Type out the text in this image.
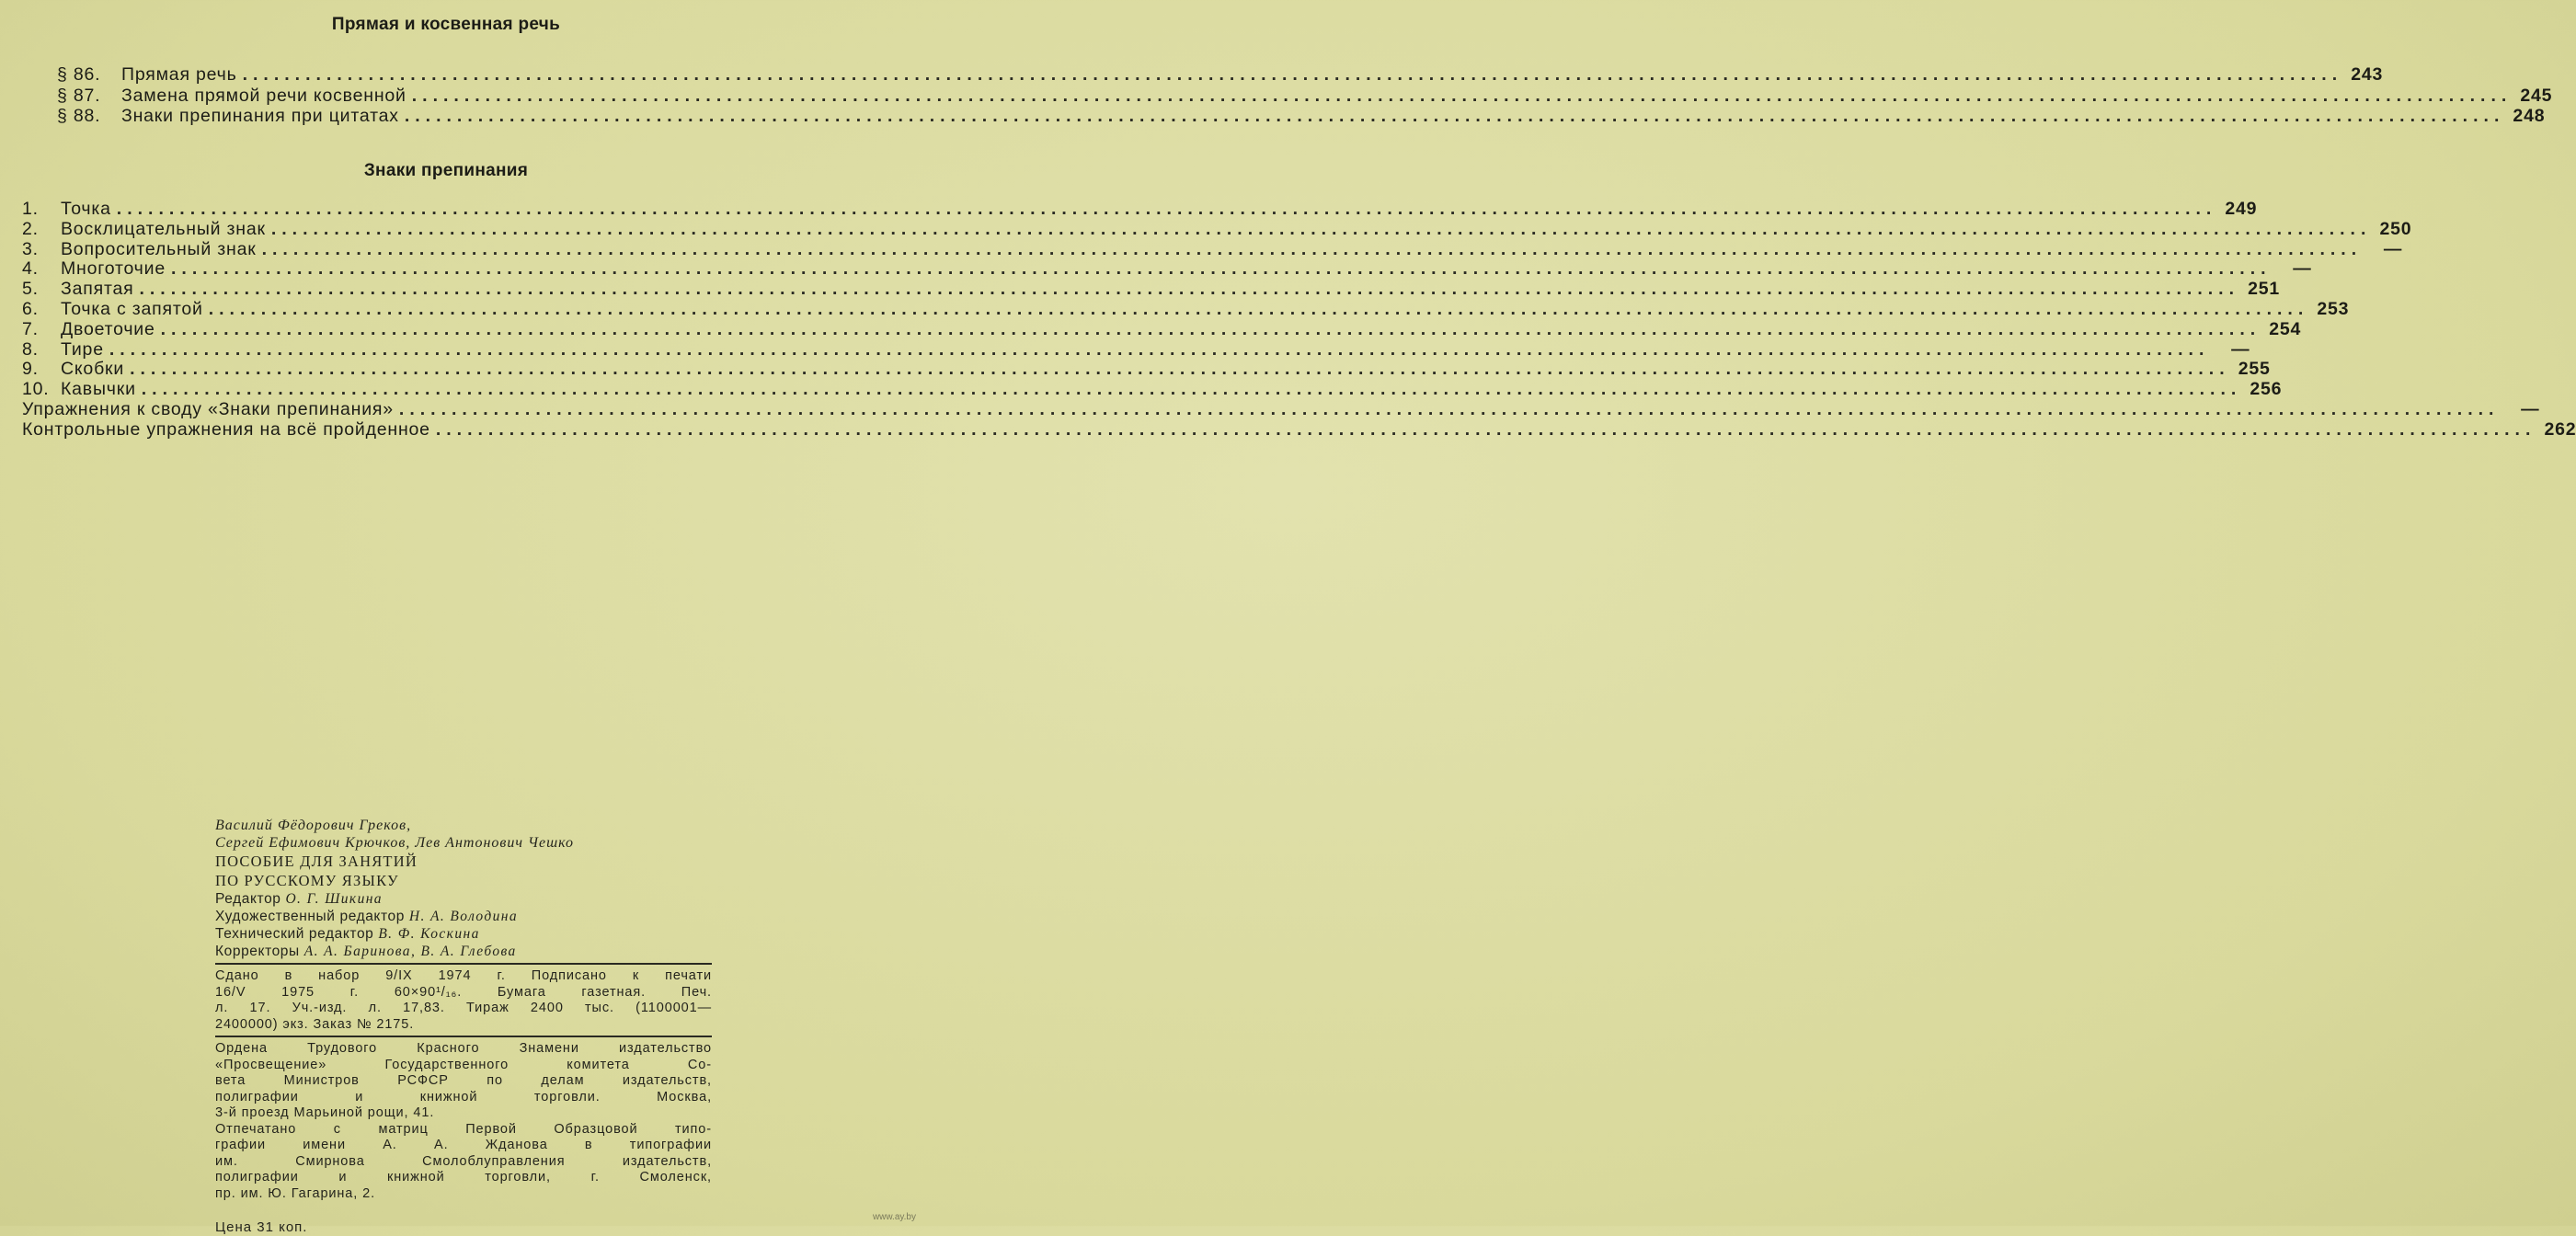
Прямая и косвенная речь
§ 86.	Прямая речь ........................................................................................................................................................................................................ 243
§ 87.	Замена прямой речи косвенной ........................................................................................................................................................................................................ 245
§ 88.	Знаки препинания при цитатах ........................................................................................................................................................................................................ 248
Знаки препинания
1.	Точка ........................................................................................................................................................................................................ 249
2.	Восклицательный знак ........................................................................................................................................................................................................ 250
3.	Вопросительный знак ........................................................................................................................................................................................................	—
4.	Многоточие ........................................................................................................................................................................................................	—
5.	Запятая ........................................................................................................................................................................................................ 251
6.	Точка с запятой ........................................................................................................................................................................................................ 253
7.	Двоеточие ........................................................................................................................................................................................................ 254
8.	Тире ........................................................................................................................................................................................................	—
9.	Скобки ........................................................................................................................................................................................................ 255
10. Кавычки ........................................................................................................................................................................................................ 256
Упражнения к своду «Знаки препинания» ........................................................................................................................................................................................................	—
Контрольные упражнения на всё пройденное ........................................................................................................................................................................................................ 262
Василий Фёдорович Греков,
Сергей Ефимович Крючков, Лев Антонович Чешко
ПОСОБИЕ ДЛЯ ЗАНЯТИЙ
ПО РУССКОМУ ЯЗЫКУ
Редактор О. Г. Шикина
Художественный редактор Н. А. Володина
Технический редактор В. Ф. Коскина
Корректоры А. А. Баринова, В. А. Глебова
Сдано в набор 9/IX 1974 г. Подписано к печати
16/V 1975 г. 60×90¹/₁₆. Бумага газетная. Печ.
л. 17. Уч.-изд. л. 17,83. Тираж 2400 тыс. (1100001—
2400000) экз. Заказ № 2175.
Ордена Трудового Красного Знамени издательство
«Просвещение» Государственного комитета Со-
вета Министров РСФСР по делам издательств,
полиграфии и книжной торговли. Москва,
3-й проезд Марьиной рощи, 41.
Отпечатано с матриц Первой Образцовой типо-
графии имени А. А. Жданова в типографии
им. Смирнова Смолоблуправления издательств,
полиграфии и книжной торговли, г. Смоленск,
пр. им. Ю. Гагарина, 2.
Цена 31 коп.
www.ay.by
